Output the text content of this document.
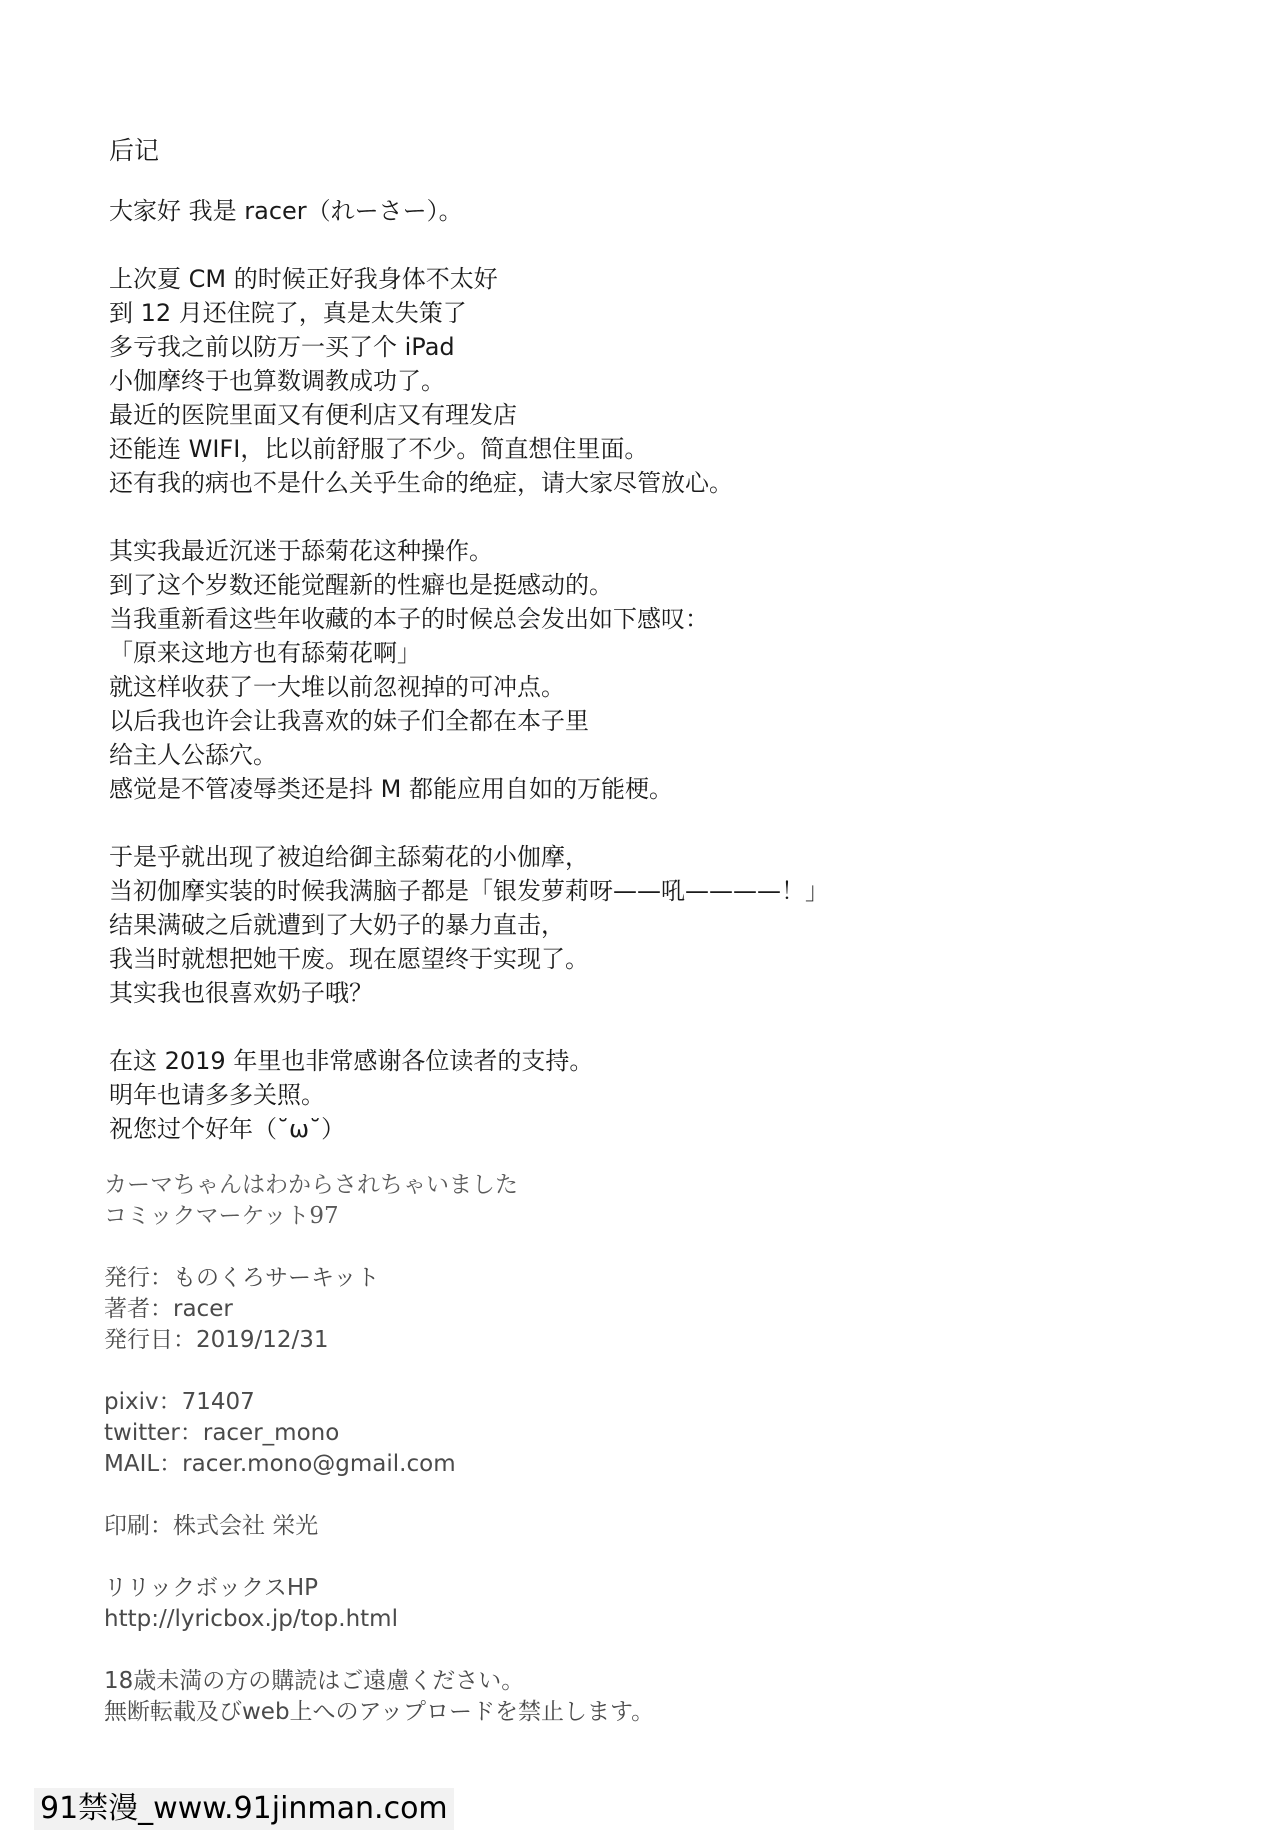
后记
大家好 我是 racer（れーさー）。
上次夏 CM 的时候正好我身体不太好
到 12 月还住院了，真是太失策了
多亏我之前以防万一买了个 iPad
小伽摩终于也算数调教成功了。
最近的医院里面又有便利店又有理发店
还能连 WIFI，比以前舒服了不少。简直想住里面。
还有我的病也不是什么关乎生命的绝症，请大家尽管放心。
其实我最近沉迷于舔菊花这种操作。
到了这个岁数还能觉醒新的性癖也是挺感动的。
当我重新看这些年收藏的本子的时候总会发出如下感叹：
「原来这地方也有舔菊花啊」
就这样收获了一大堆以前忽视掉的可冲点。
以后我也许会让我喜欢的妹子们全都在本子里
给主人公舔穴。
感觉是不管凌辱类还是抖 M 都能应用自如的万能梗。
于是乎就出现了被迫给御主舔菊花的小伽摩，
当初伽摩实装的时候我满脑子都是「银发萝莉呀——吼————！」
结果满破之后就遭到了大奶子的暴力直击，
我当时就想把她干废。现在愿望终于实现了。
其实我也很喜欢奶子哦？
在这 2019 年里也非常感谢各位读者的支持。
明年也请多多关照。
祝您过个好年（˘ω˘）
カーマちゃんはわからされちゃいました
コミックマーケット97
発行：ものくろサーキット
著者：racer
発行日：2019/12/31
pixiv：71407
twitter：racer_mono
MAIL：racer.mono@gmail.com
印刷：株式会社 栄光
リリックボックスHP
http://lyricbox.jp/top.html
18歳未満の方の購読はご遠慮ください。
無断転載及びweb上へのアップロードを禁止します。
91禁漫_www.91jinman.com
